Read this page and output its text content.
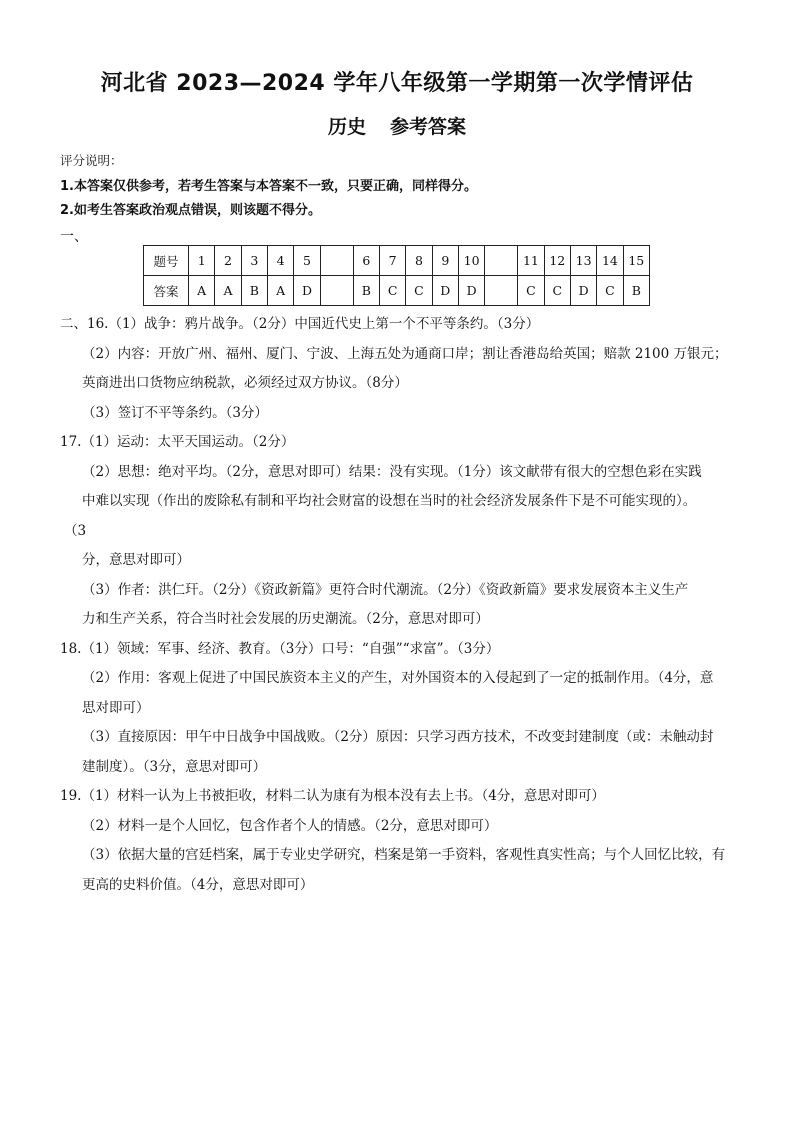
河北省 2023—2024 学年八年级第一学期第一次学情评估
历史 参考答案
评分说明：
1.本答案仅供参考，若考生答案与本答案不一致，只要正确，同样得分。
2.如考生答案政治观点错误，则该题不得分。
一、
题号	1	2	3	4	5		6	7	8	9	10		11	12	13	14	15
答案	A	A	B	A	D		B	C	C	D	D		C	C	D	C	B
二、16.（1）战争：鸦片战争。（2分）中国近代史上第一个不平等条约。（3分）
（2）内容：开放广州、福州、厦门、宁波、上海五处为通商口岸；割让香港岛给英国；赔款 2100 万银元；
英商进出口货物应纳税款，必须经过双方协议。（8分）
（3）签订不平等条约。（3分）
17.（1）运动：太平天国运动。（2分）
（2）思想：绝对平均。（2分，意思对即可）结果：没有实现。（1分）该文献带有很大的空想色彩在实践
中难以实现（作出的废除私有制和平均社会财富的设想在当时的社会经济发展条件下是不可能实现的）。
（3
分，意思对即可）
（3）作者：洪仁玕。（2分）《资政新篇》更符合时代潮流。（2分）《资政新篇》要求发展资本主义生产
力和生产关系，符合当时社会发展的历史潮流。（2分，意思对即可）
18.（1）领域：军事、经济、教育。（3分）口号：“自强”“求富”。（3分）
（2）作用：客观上促进了中国民族资本主义的产生，对外国资本的入侵起到了一定的抵制作用。（4分，意
思对即可）
（3）直接原因：甲午中日战争中国战败。（2分）原因：只学习西方技术，不改变封建制度（或：未触动封
建制度）。（3分，意思对即可）
19.（1）材料一认为上书被拒收，材料二认为康有为根本没有去上书。（4分，意思对即可）
（2）材料一是个人回忆，包含作者个人的情感。（2分，意思对即可）
（3）依据大量的宫廷档案，属于专业史学研究，档案是第一手资料，客观性真实性高；与个人回忆比较，有
更高的史料价值。（4分，意思对即可）
